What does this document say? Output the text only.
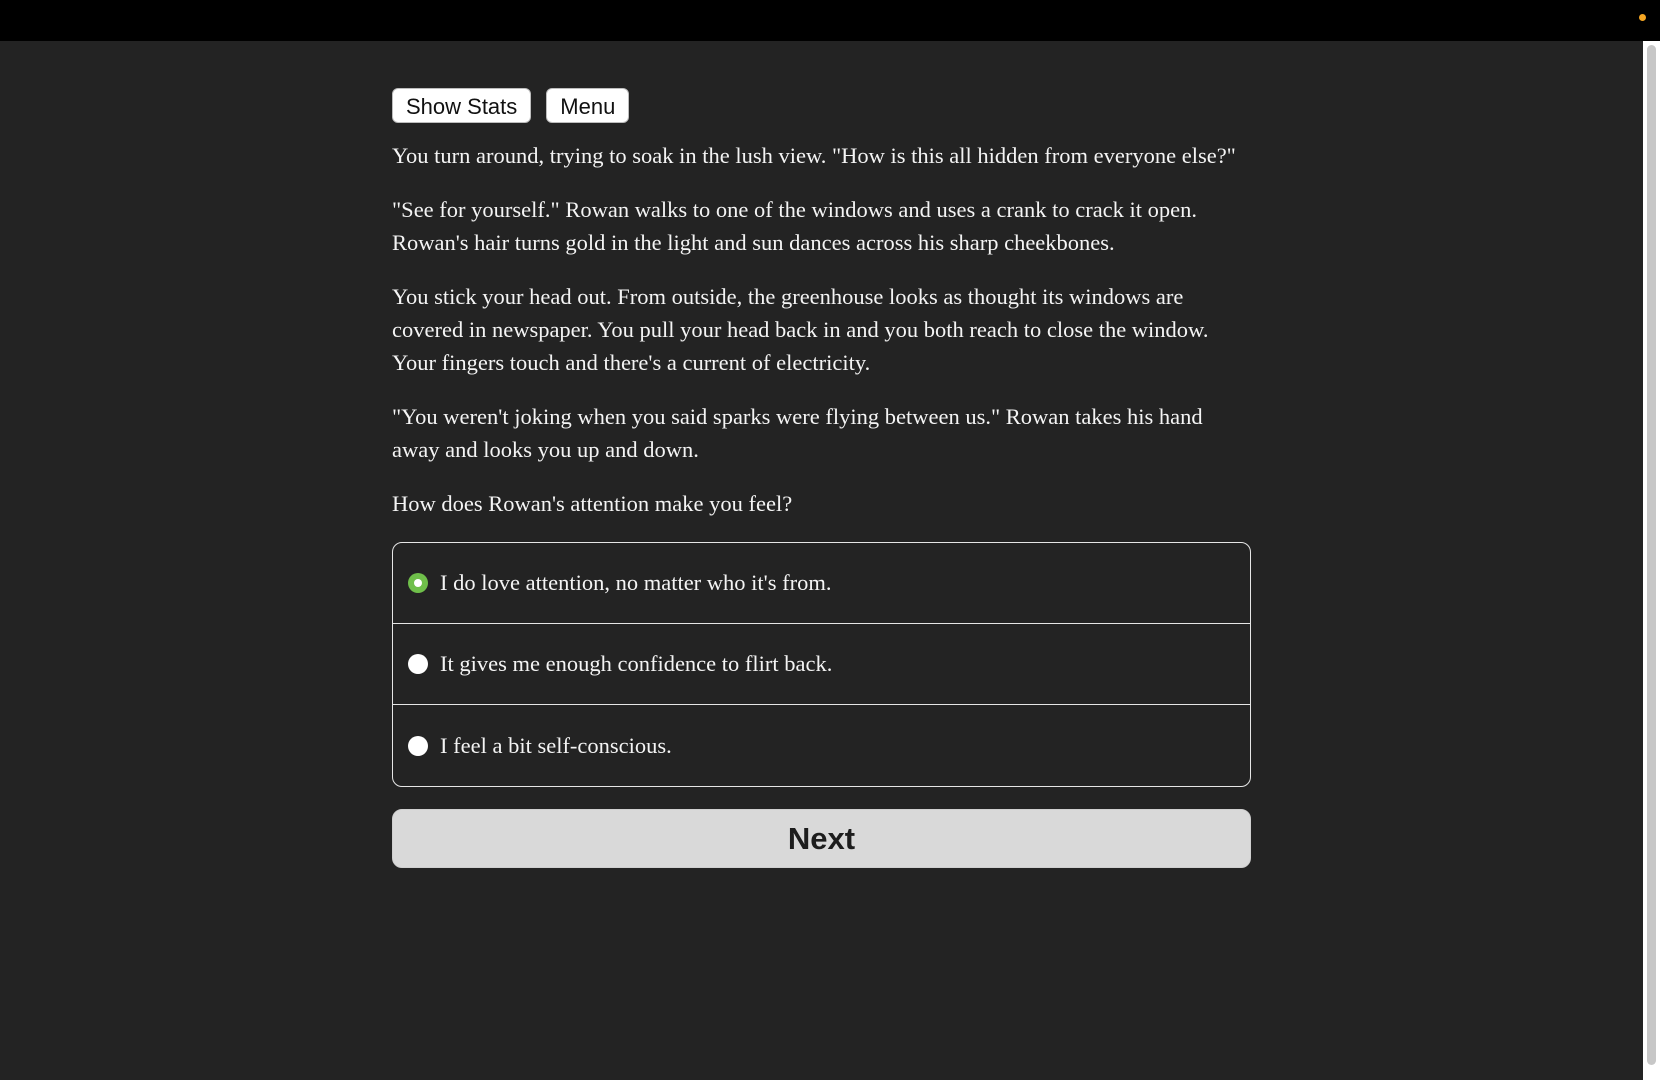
Show Stats	Menu

You turn around, trying to soak in the lush view. "How is this all hidden from everyone else?"

"See for yourself." Rowan walks to one of the windows and uses a crank to crack it open. Rowan's hair turns gold in the light and sun dances across his sharp cheekbones.

You stick your head out. From outside, the greenhouse looks as thought its windows are covered in newspaper. You pull your head back in and you both reach to close the window. Your fingers touch and there's a current of electricity.

"You weren't joking when you said sparks were flying between us." Rowan takes his hand away and looks you up and down.

How does Rowan's attention make you feel?

I do love attention, no matter who it's from.
It gives me enough confidence to flirt back.
I feel a bit self-conscious.
Next
